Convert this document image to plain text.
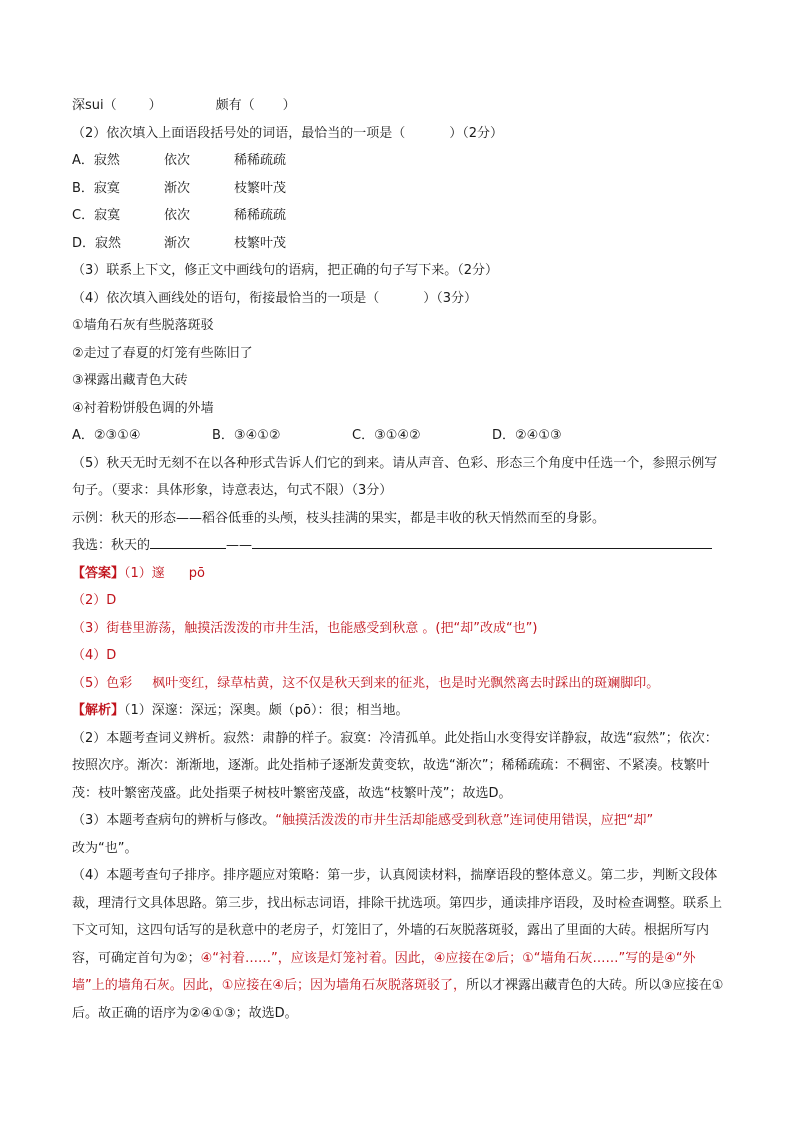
深sui（ ）	颇有（ ）
（2）依次填入上面语段括号处的词语，最恰当的一项是（	）（2分）
A．寂然	依次	稀稀疏疏
B．寂寞	渐次	枝繁叶茂
C．寂寞	依次	稀稀疏疏
D．寂然	渐次	枝繁叶茂
（3）联系上下文，修正文中画线句的语病，把正确的句子写下来。（2分）
（4）依次填入画线处的语句，衔接最恰当的一项是（	）（3分）
①墙角石灰有些脱落斑驳
②走过了春夏的灯笼有些陈旧了
③裸露出藏青色大砖
④衬着粉饼般色调的外墙
A．②③①④	B．③④①②	C．③①④②	D．②④①③
（5）秋天无时无刻不在以各种形式告诉人们它的到来。请从声音、色彩、形态三个角度中任选一个，参照示例写句子。（要求：具体形象，诗意表达，句式不限）（3分）
示例：秋天的形态——稻谷低垂的头颅，枝头挂满的果实，都是丰收的秋天悄然而至的身影。
我选：秋天的	——
【答案】（1）邃 pō
（2）D
（3）街巷里游荡，触摸活泼泼的市井生活，也能感受到秋意 。(把“却”改成“也”)
（4）D
（5）色彩 枫叶变红，绿草枯黄，这不仅是秋天到来的征兆，也是时光飘然离去时踩出的斑斓脚印。
【解析】（1）深邃：深远；深奥。颇（pō）：很；相当地。
（2）本题考查词义辨析。寂然：肃静的样子。寂寞：冷清孤单。此处指山水变得安详静寂，故选“寂然”；依次：按照次序。渐次：渐渐地，逐渐。此处指柿子逐渐发黄变软，故选“渐次”；稀稀疏疏：不稠密、不紧凑。枝繁叶茂：枝叶繁密茂盛。此处指栗子树枝叶繁密茂盛，故选“枝繁叶茂”；故选D。
（3）本题考查病句的辨析与修改。“触摸活泼泼的市井生活却能感受到秋意”连词使用错误，应把“却”
改为“也”。
（4）本题考查句子排序。排序题应对策略：第一步，认真阅读材料，揣摩语段的整体意义。第二步，判断文段体裁，理清行文具体思路。第三步，找出标志词语，排除干扰选项。第四步，通读排序语段，及时检查调整。联系上下文可知，这四句话写的是秋意中的老房子，灯笼旧了，外墙的石灰脱落斑驳，露出了里面的大砖。根据所写内容，可确定首句为②；④“衬着……”，应该是灯笼衬着。因此，④应接在②后；①“墙角石灰……”写的是④“外墙”上的墙角石灰。因此，①应接在④后；因为墙角石灰脱落斑驳了，所以才裸露出藏青色的大砖。所以③应接在①后。故正确的语序为②④①③；故选D。
